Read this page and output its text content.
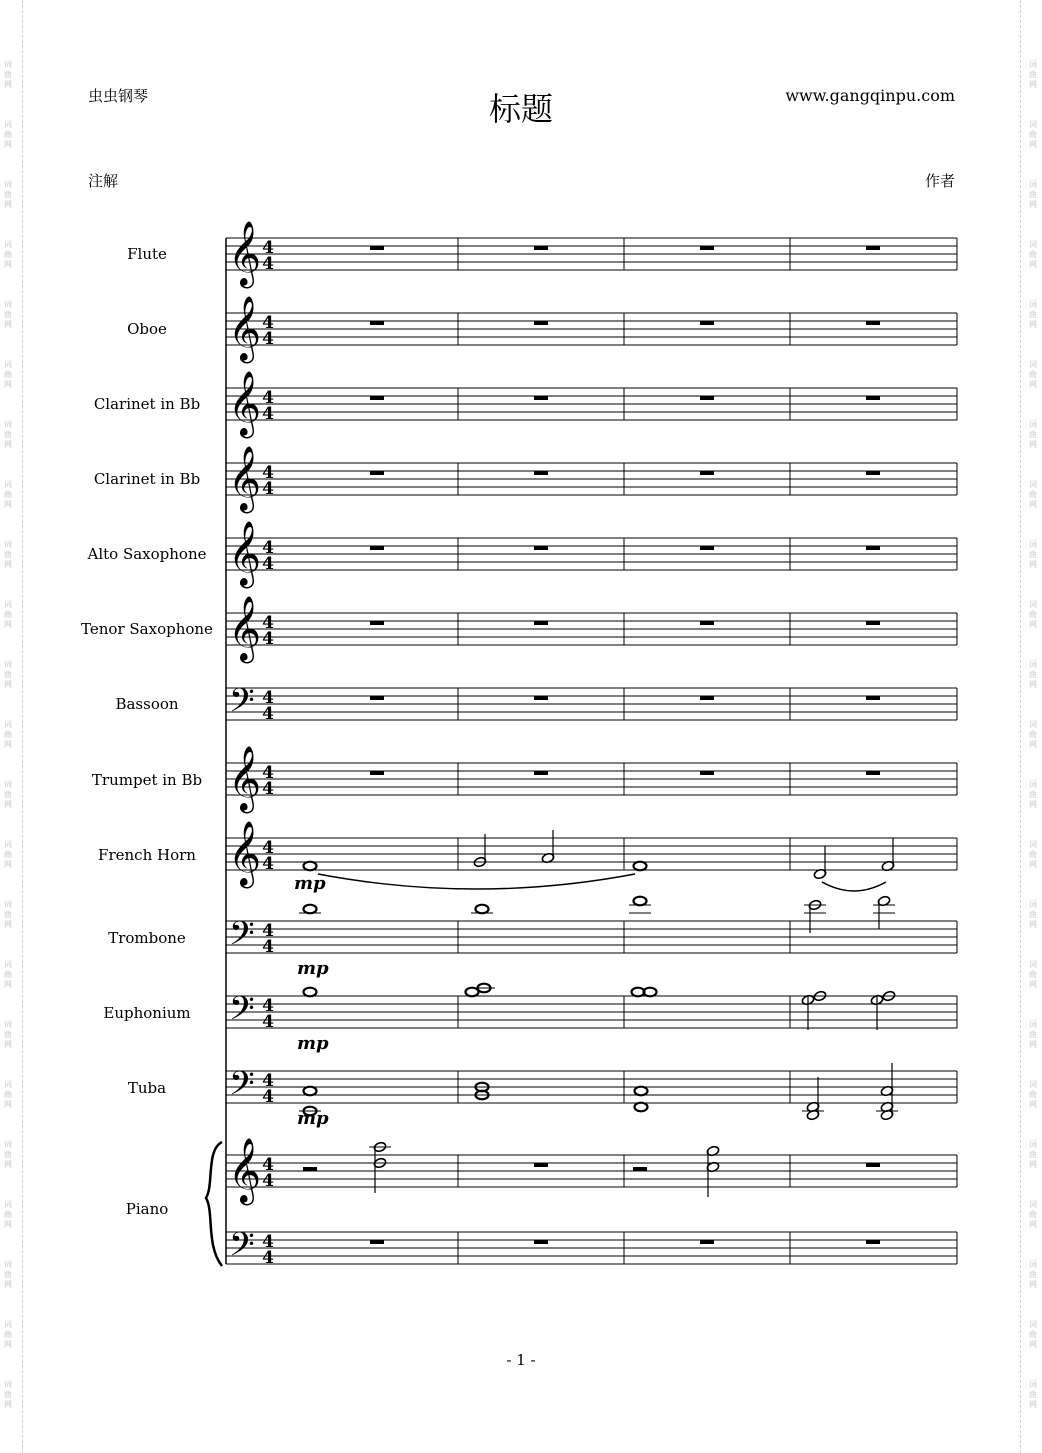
虫虫钢琴	标题	www.gangqinpu.com
注解	作者
Flute
Oboe
Clarinet in Bb
Clarinet in Bb
Alto Saxophone
Tenor Saxophone
Bassoon
Trumpet in Bb
French Horn
Trombone
Euphonium
Tuba
Piano
词
曲
网
词
曲
网
词
曲
网
词
曲
网
词
曲
网
词
曲
网
词
曲
网
词
曲
网
词
曲
网
词
曲
网
词
曲
网
词
曲
网
词
曲
网
词
曲
网
词
曲
网
词
曲
网
词
曲
网
词
曲
网
词
曲
网
词
曲
网
词
曲
网
词
曲
网
词
曲
网
词
曲
网
词
曲
网
词
曲
网
词
曲
网
词
曲
网
词
曲
网
词
曲
网
词
曲
网
词
曲
网
词
曲
网
词
曲
网
词
曲
网
词
曲
网
词
曲
网
词
曲
网
词
曲
网
词
曲
网
词
曲
网
词
曲
网
词
曲
网
词
曲
网
词
曲
网
词
曲
网
𝄞 4
4
𝄞 4
4
𝄞 4
4
𝄞 4
4
𝄞 4
4
𝄞 4
4
𝄢 4
4
𝄞 4
4
𝄞 4
4
𝄢 4
4
𝄢 4
4
𝄢 4
4
𝄞 4
4
𝄢 4
4
mp
mp
mp
mp
- 1 -
